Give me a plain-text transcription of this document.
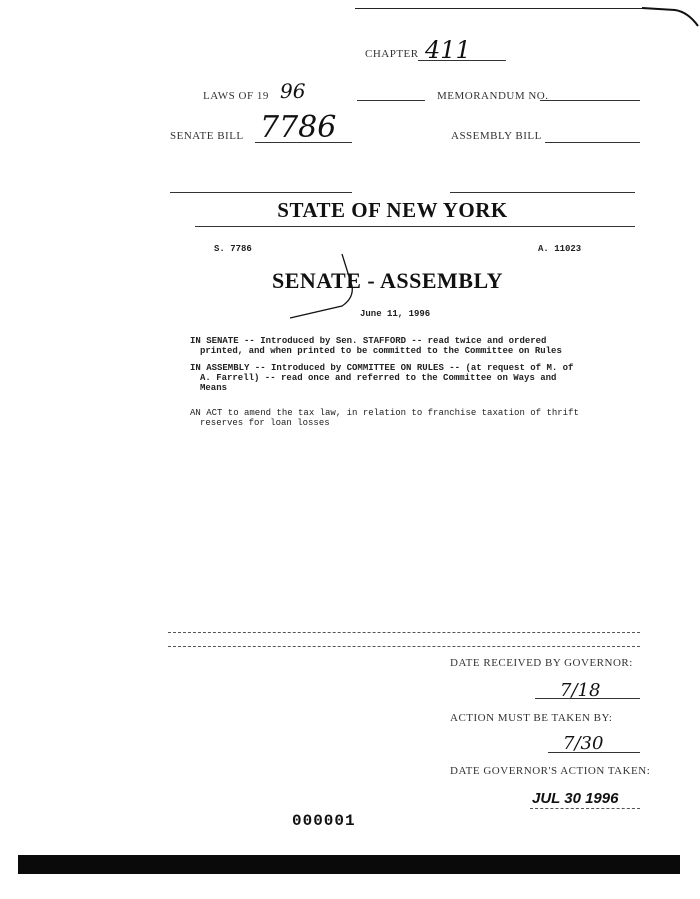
CHAPTER 411
LAWS OF 19 96	MEMORANDUM NO.
SENATE BILL 7786	ASSEMBLY BILL
STATE OF NEW YORK
S. 7786	A. 11023
SENATE - ASSEMBLY
June 11, 1996
IN SENATE -- Introduced by Sen. STAFFORD -- read twice and ordered
printed, and when printed to be committed to the Committee on Rules
IN ASSEMBLY -- Introduced by COMMITTEE ON RULES -- (at request of M. of
A. Farrell) -- read once and referred to the Committee on Ways and
Means
AN ACT to amend the tax law, in relation to franchise taxation of thrift
reserves for loan losses
DATE RECEIVED BY GOVERNOR:
7/18
ACTION MUST BE TAKEN BY:
7/30
DATE GOVERNOR'S ACTION TAKEN:
JUL 30 1996
000001
